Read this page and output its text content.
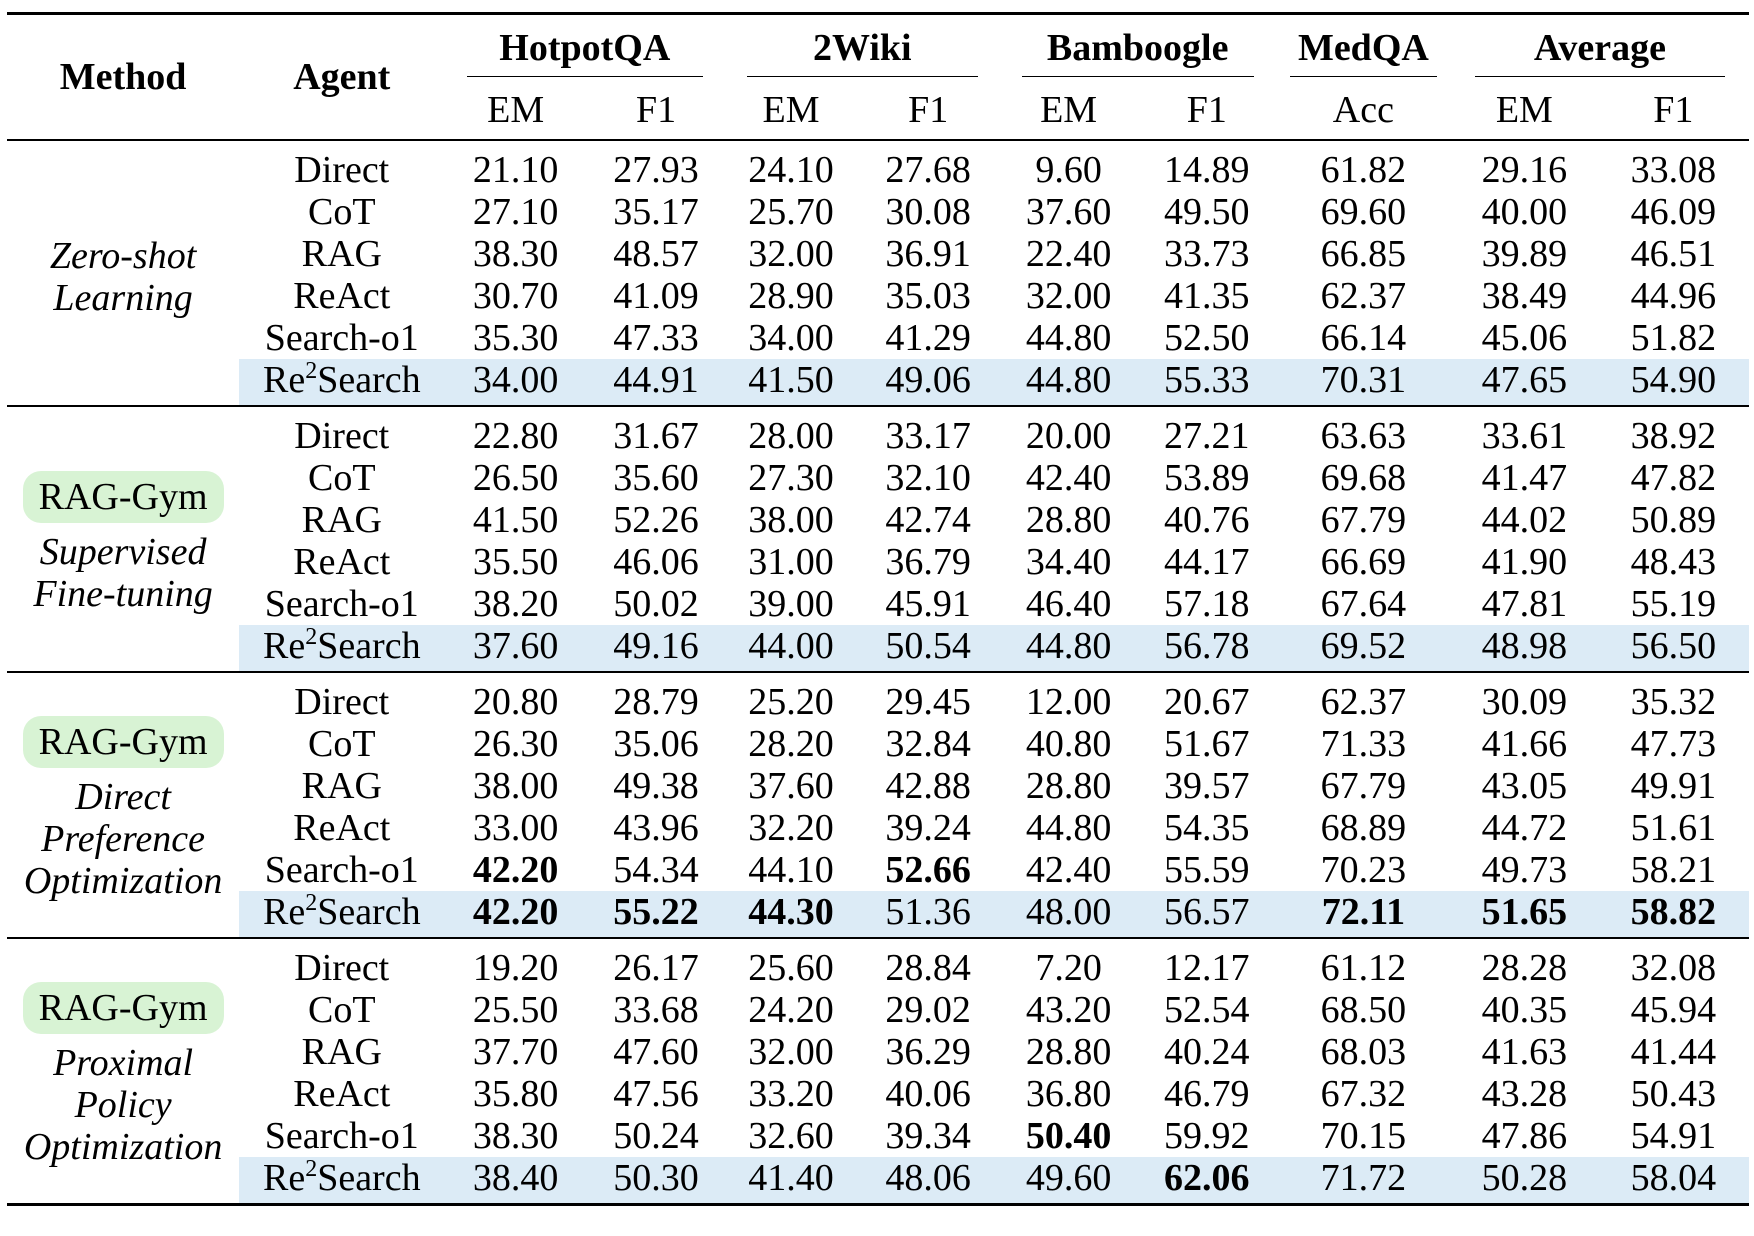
Method	Agent	HotpotQA		2Wiki		Bamboogle		MedQA	Average	
		EM	F1	EM	F1	EM	F1	Acc	EM	F1

Zero-shot
Learning	Direct	21.10	27.93	24.10	27.68	9.60	14.89	61.82	29.16	33.08
	CoT	27.10	35.17	25.70	30.08	37.60	49.50	69.60	40.00	46.09
	RAG	38.30	48.57	32.00	36.91	22.40	33.73	66.85	39.89	46.51
	ReAct	30.70	41.09	28.90	35.03	32.00	41.35	62.37	38.49	44.96
	Search-o1	35.30	47.33	34.00	41.29	44.80	52.50	66.14	45.06	51.82
	Re$^2$Search	34.00	44.91	41.50	49.06	44.80	55.33	70.31	47.65	54.90

RAG-Gym
Supervised
Fine-tuning	Direct	22.80	31.67	28.00	33.17	20.00	27.21	63.63	33.61	38.92
	CoT	26.50	35.60	27.30	32.10	42.40	53.89	69.68	41.47	47.82
	RAG	41.50	52.26	38.00	42.74	28.80	40.76	67.79	44.02	50.89
	ReAct	35.50	46.06	31.00	36.79	34.40	44.17	66.69	41.90	48.43
	Search-o1	38.20	50.02	39.00	45.91	46.40	57.18	67.64	47.81	55.19
	Re$^2$Search	37.60	49.16	44.00	50.54	44.80	56.78	69.52	48.98	56.50

RAG-Gym
Direct
Preference
Optimization	Direct	20.80	28.79	25.20	29.45	12.00	20.67	62.37	30.09	35.32
	CoT	26.30	35.06	28.20	32.84	40.80	51.67	71.33	41.66	47.73
	RAG	38.00	49.38	37.60	42.88	28.80	39.57	67.79	43.05	49.91
	ReAct	33.00	43.96	32.20	39.24	44.80	54.35	68.89	44.72	51.61
	Search-o1	42.20	54.34	44.10	52.66	42.40	55.59	70.23	49.73	58.21
	Re$^2$Search	42.20	55.22	44.30	51.36	48.00	56.57	72.11	51.65	58.82

RAG-Gym
Proximal
Policy
Optimization	Direct	19.20	26.17	25.60	28.84	7.20	12.17	61.12	28.28	32.08
	CoT	25.50	33.68	24.20	29.02	43.20	52.54	68.50	40.35	45.94
	RAG	37.70	47.60	32.00	36.29	28.80	40.24	68.03	41.63	41.44
	ReAct	35.80	47.56	33.20	40.06	36.80	46.79	67.32	43.28	50.43
	Search-o1	38.30	50.24	32.60	39.34	50.40	59.92	70.15	47.86	54.91
	Re$^2$Search	38.40	50.30	41.40	48.06	49.60	62.06	71.72	50.28	58.04
